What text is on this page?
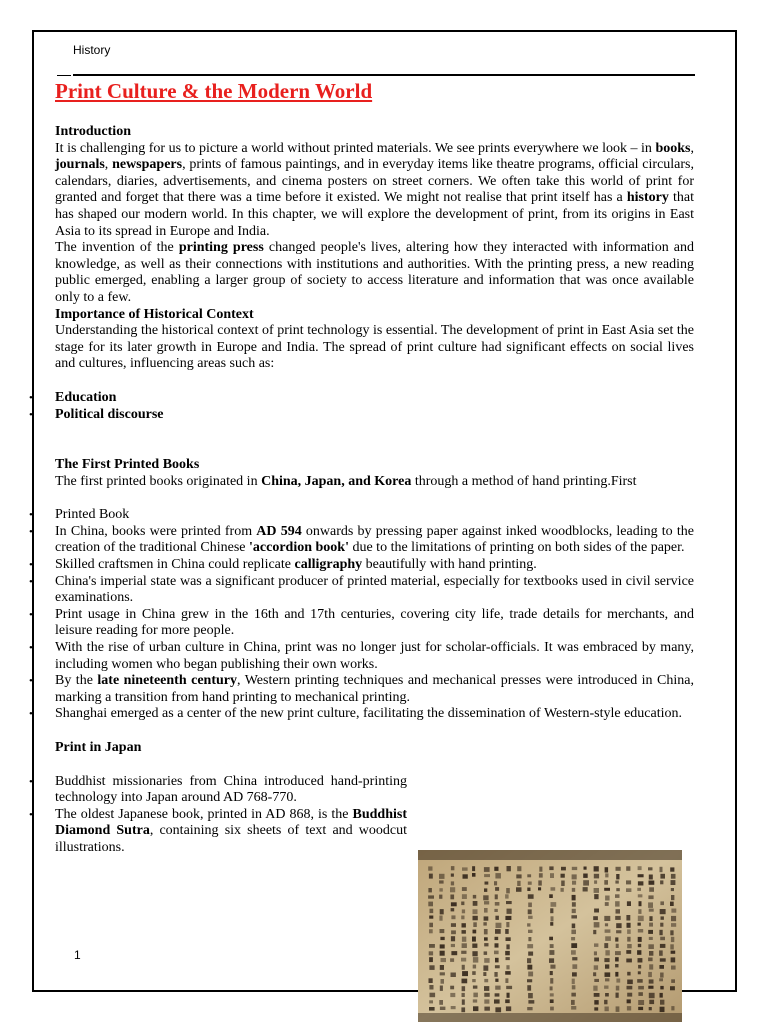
History
Print Culture & the Modern World
Introduction

It is challenging for us to picture a world without printed materials. We see prints everywhere we look – in books, journals, newspapers, prints of famous paintings, and in everyday items like theatre programs, official circulars, calendars, diaries, advertisements, and cinema posters on street corners. We often take this world of print for granted and forget that there was a time before it existed. We might not realise that print itself has a history that has shaped our modern world. In this chapter, we will explore the development of print, from its origins in East Asia to its spread in Europe and India.

The invention of the printing press changed people's lives, altering how they interacted with information and knowledge, as well as their connections with institutions and authorities. With the printing press, a new reading public emerged, enabling a larger group of society to access literature and information that was once available only to a few.

Importance of Historical Context

Understanding the historical context of print technology is essential. The development of print in East Asia set the stage for its later growth in Europe and India. The spread of print culture had significant effects on social lives and cultures, influencing areas such as:

• Education
• Political discourse
The First Printed Books

The first printed books originated in China, Japan, and Korea through a method of hand printing.First

• Printed Book
• In China, books were printed from AD 594 onwards by pressing paper against inked woodblocks, leading to the creation of the traditional Chinese 'accordion book' due to the limitations of printing on both sides of the paper.
• Skilled craftsmen in China could replicate calligraphy beautifully with hand printing.
• China's imperial state was a significant producer of printed material, especially for textbooks used in civil service examinations.
• Print usage in China grew in the 16th and 17th centuries, covering city life, trade details for merchants, and leisure reading for more people.
• With the rise of urban culture in China, print was no longer just for scholar-officials. It was embraced by many, including women who began publishing their own works.
• By the late nineteenth century, Western printing techniques and mechanical presses were introduced in China, marking a transition from hand printing to mechanical printing.
• Shanghai emerged as a center of the new print culture, facilitating the dissemination of Western-style education.
Print in Japan
• Buddhist missionaries from China introduced hand-printing technology into Japan around AD 768-770.
• The oldest Japanese book, printed in AD 868, is the Buddhist Diamond Sutra, containing six sheets of text and woodcut illustrations.
1
